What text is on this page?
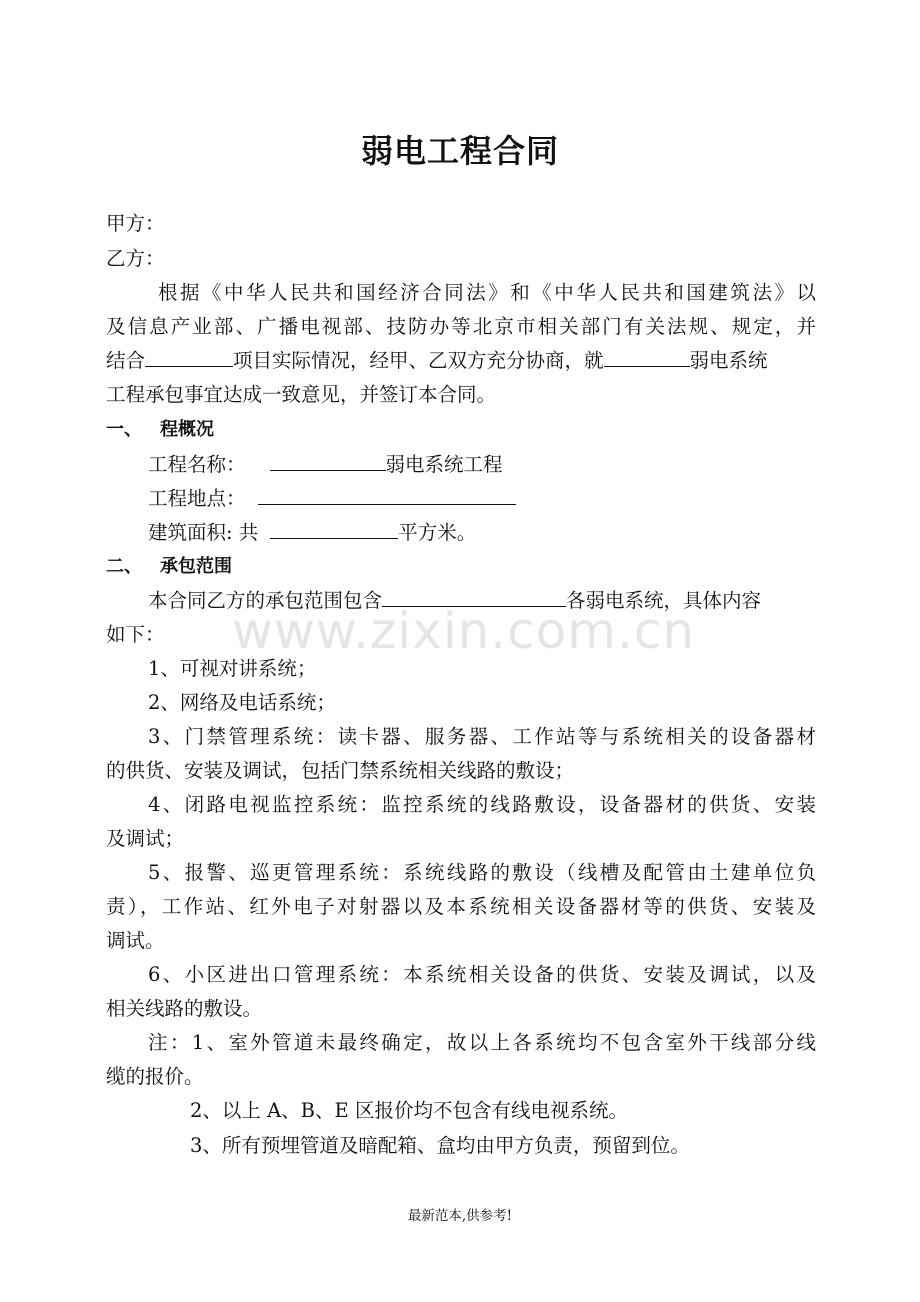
弱电工程合同
甲方：
乙方：
根据《中华人民共和国经济合同法》和《中华人民共和国建筑法》以
及信息产业部、广播电视部、技防办等北京市相关部门有关法规、规定，并
结合	项目实际情况，经甲、乙双方充分协商，就	弱电系统
工程承包事宜达成一致意见，并签订本合同。
一、 程概况
工程名称：	弱电系统工程
工程地点：
建筑面积: 共	平方米。
二、 承包范围
本合同乙方的承包范围包含	各弱电系统，具体内容
如下： www.zixin.com.cn
1、可视对讲系统；
2、网络及电话系统；
3、门禁管理系统：读卡器、服务器、工作站等与系统相关的设备器材
的供货、安装及调试，包括门禁系统相关线路的敷设；
4、闭路电视监控系统：监控系统的线路敷设，设备器材的供货、安装
及调试；
5、报警、巡更管理系统：系统线路的敷设（线槽及配管由土建单位负
责），工作站、红外电子对射器以及本系统相关设备器材等的供货、安装及
调试。
6、小区进出口管理系统：本系统相关设备的供货、安装及调试，以及
相关线路的敷设。
注：1、室外管道未最终确定，故以上各系统均不包含室外干线部分线
缆的报价。
2、以上 A、B、E 区报价均不包含有线电视系统。
3、所有预埋管道及暗配箱、盒均由甲方负责，预留到位。
最新范本,供参考!
